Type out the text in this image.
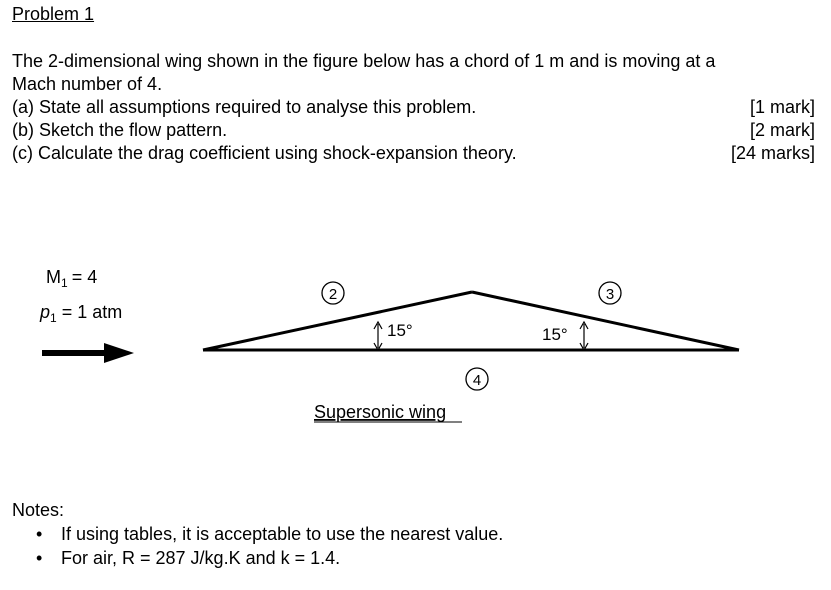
Problem 1
The 2-dimensional wing shown in the figure below has a chord of 1 m and is moving at a
Mach number of 4.
(a) State all assumptions required to analyse this problem.	[1 mark]
(b) Sketch the flow pattern.	[2 mark]
(c) Calculate the drag coefficient using shock-expansion theory.	[24 marks]
$M_1 = 4$
$p_1 = 1$ atm
15°	15°
2	3
4
Supersonic wing
Notes:
•	If using tables, it is acceptable to use the nearest value.
•	For air, R = 287 J/kg.K and k = 1.4.
